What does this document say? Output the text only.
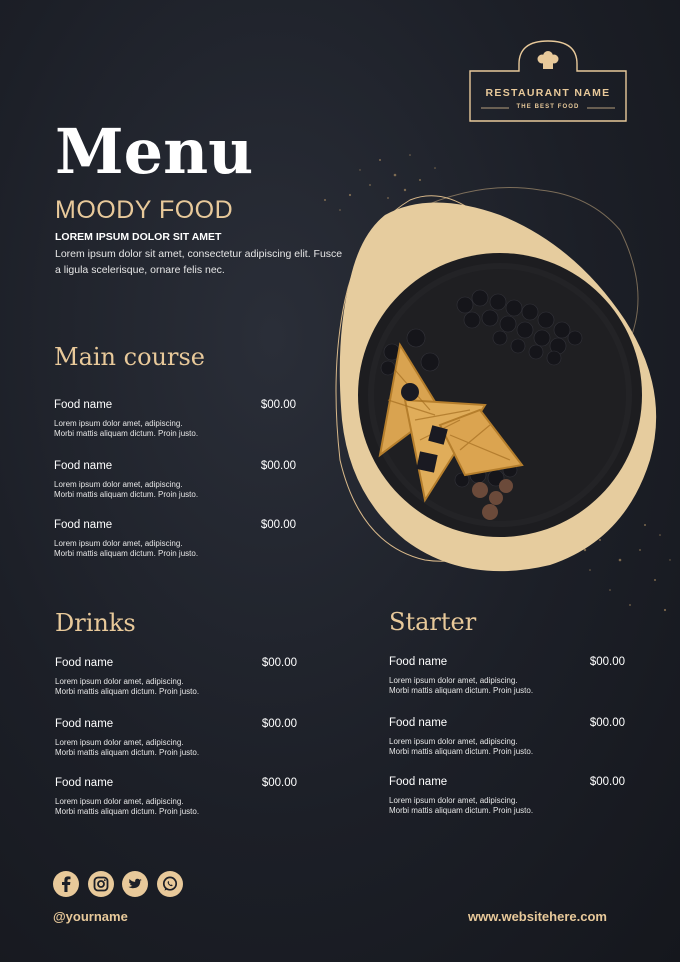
RESTAURANT NAME
THE BEST FOOD
Menu
MOODY FOOD
LOREM IPSUM DOLOR SIT AMET
Lorem ipsum dolor sit amet, consectetur adipiscing elit. Fusce a ligula scelerisque, ornare felis nec.
Main course
Food name	$00.00
Lorem ipsum dolor amet, adipiscing.
Morbi mattis aliquam dictum. Proin justo.
Food name	$00.00
Lorem ipsum dolor amet, adipiscing.
Morbi mattis aliquam dictum. Proin justo.
Food name	$00.00
Lorem ipsum dolor amet, adipiscing.
Morbi mattis aliquam dictum. Proin justo.
Drinks
Food name	$00.00
Lorem ipsum dolor amet, adipiscing.
Morbi mattis aliquam dictum. Proin justo.
Food name	$00.00
Lorem ipsum dolor amet, adipiscing.
Morbi mattis aliquam dictum. Proin justo.
Food name	$00.00
Lorem ipsum dolor amet, adipiscing.
Morbi mattis aliquam dictum. Proin justo.
Starter
Food name	$00.00
Lorem ipsum dolor amet, adipiscing.
Morbi mattis aliquam dictum. Proin justo.
Food name	$00.00
Lorem ipsum dolor amet, adipiscing.
Morbi mattis aliquam dictum. Proin justo.
Food name	$00.00
Lorem ipsum dolor amet, adipiscing.
Morbi mattis aliquam dictum. Proin justo.
@yourname	www.websitehere.com
